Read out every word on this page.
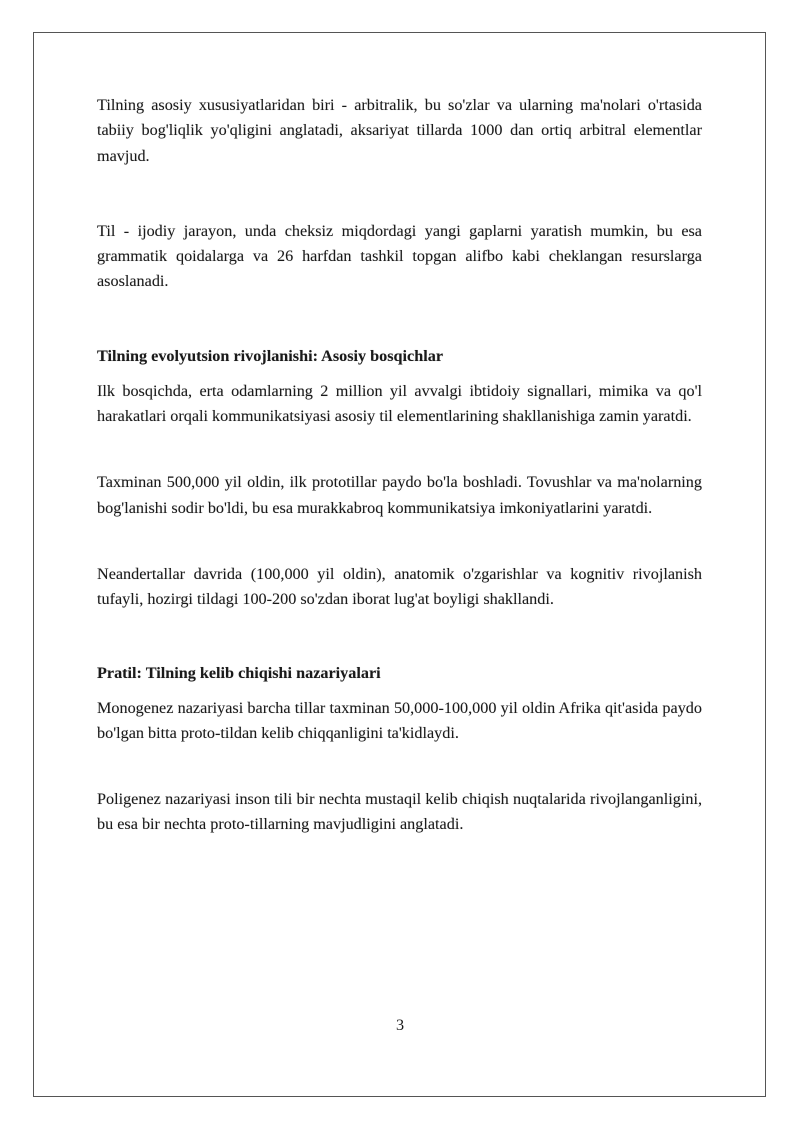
Tilning asosiy xususiyatlaridan biri - arbitralik, bu so'zlar va ularning ma'nolari o'rtasida tabiiy bog'liqlik yo'qligini anglatadi, aksariyat tillarda 1000 dan ortiq arbitral elementlar mavjud.

Til - ijodiy jarayon, unda cheksiz miqdordagi yangi gaplarni yaratish mumkin, bu esa grammatik qoidalarga va 26 harfdan tashkil topgan alifbo kabi cheklangan resurslarga asoslanadi.

Tilning evolyutsion rivojlanishi: Asosiy bosqichlar

Ilk bosqichda, erta odamlarning 2 million yil avvalgi ibtidoiy signallari, mimika va qo'l harakatlari orqali kommunikatsiyasi asosiy til elementlarining shakllanishiga zamin yaratdi.

Taxminan 500,000 yil oldin, ilk prototillar paydo bo'la boshladi. Tovushlar va ma'nolarning bog'lanishi sodir bo'ldi, bu esa murakkabroq kommunikatsiya imkoniyatlarini yaratdi.

Neandertallar davrida (100,000 yil oldin), anatomik o'zgarishlar va kognitiv rivojlanish tufayli, hozirgi tildagi 100-200 so'zdan iborat lug'at boyligi shakllandi.

Pratil: Tilning kelib chiqishi nazariyalari

Monogenez nazariyasi barcha tillar taxminan 50,000-100,000 yil oldin Afrika qit'asida paydo bo'lgan bitta proto-tildan kelib chiqqanligini ta'kidlaydi.

Poligenez nazariyasi inson tili bir nechta mustaqil kelib chiqish nuqtalarida rivojlanganligini, bu esa bir nechta proto-tillarning mavjudligini anglatadi.

3
